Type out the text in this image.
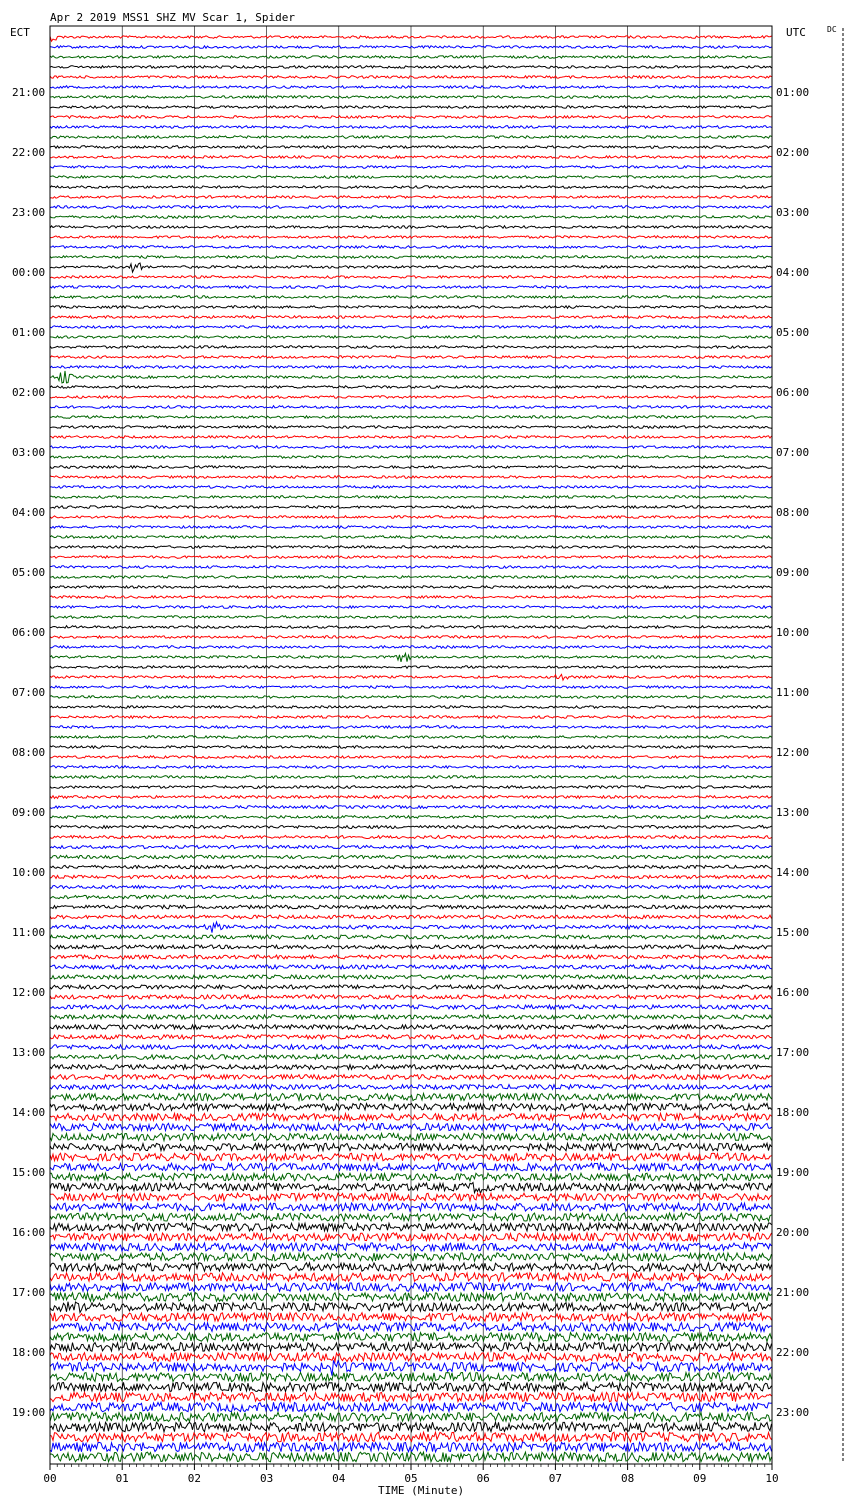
Apr 2 2019 MSS1 SHZ MV Scar 1, Spider
ECT	UTC	DC
TIME (Minute)
21:00
22:00
23:00
00:00
01:00
02:00
03:00
04:00
05:00
06:00
07:00
08:00
09:00
10:00
11:00
12:00
13:00
14:00
15:00
16:00
17:00
18:00
19:00
01:00
02:00
03:00
04:00
05:00
06:00
07:00
08:00
09:00
10:00
11:00
12:00
13:00
14:00
15:00
16:00
17:00
18:00
19:00
20:00
21:00
22:00
23:00
00	01	02	03	04	05	06	07	08	09	10
